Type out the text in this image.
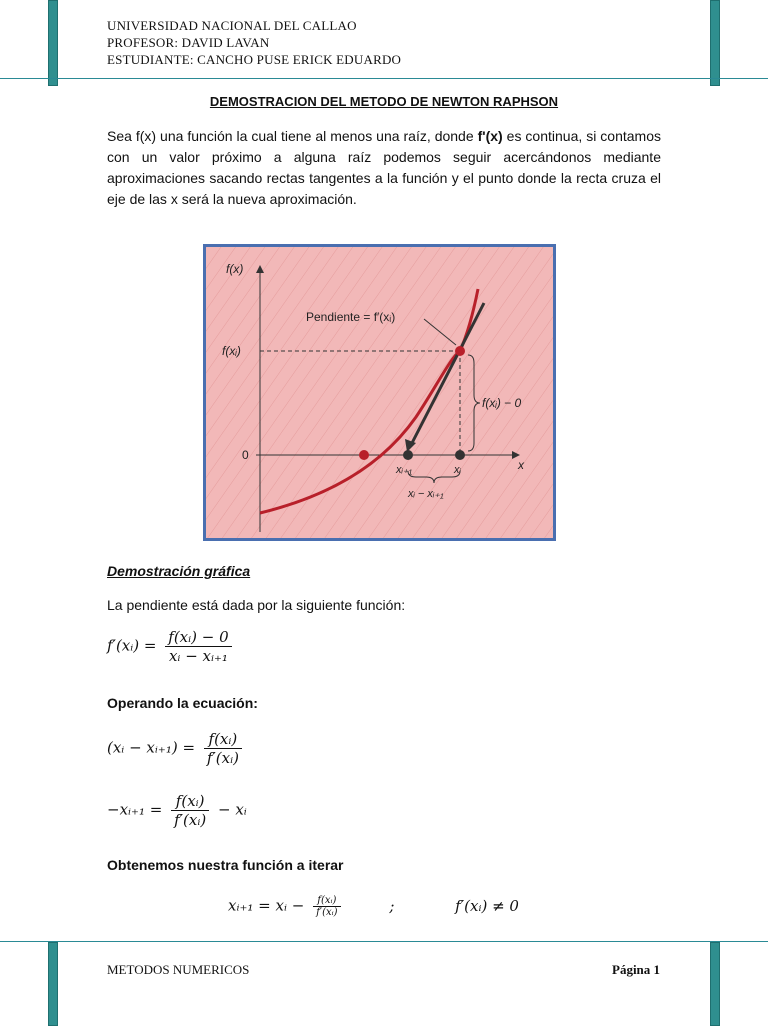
UNIVERSIDAD NACIONAL DEL CALLAO
PROFESOR: DAVID LAVAN
ESTUDIANTE: CANCHO PUSE ERICK EDUARDO
DEMOSTRACION DEL METODO DE NEWTON RAPHSON
Sea f(x) una función la cual tiene al menos una raíz, donde f'(x) es continua, si contamos con un valor próximo a alguna raíz podemos seguir acercándonos mediante aproximaciones sacando rectas tangentes a la función y el punto donde la recta cruza el eje de las x será la nueva aproximación.
f(x)
x
Pendiente = f′(xᵢ)
f(xᵢ)
0
f(xᵢ) − 0
xᵢ₊₁	xᵢ
xᵢ − xᵢ₊₁
Demostración gráfica
La pendiente está dada por la siguiente función:
f′(xᵢ) = $\frac{\text{f(xᵢ) − 0}}{\text{xᵢ − xᵢ₊₁}}$
Operando la ecuación:
(xᵢ − xᵢ₊₁) = $\frac{\text{f(xᵢ)}}{\text{f′(xᵢ)}}$
−xᵢ₊₁ = $\frac{\text{f(xᵢ)}}{\text{f′(xᵢ)}}$ − xᵢ
Obtenemos nuestra función a iterar
xᵢ₊₁ = xᵢ − $\frac{\text{f(xᵢ)}}{\text{f′(xᵢ)}}$	;	f′(xᵢ) ≠ 0
METODOS NUMERICOS	Página 1
